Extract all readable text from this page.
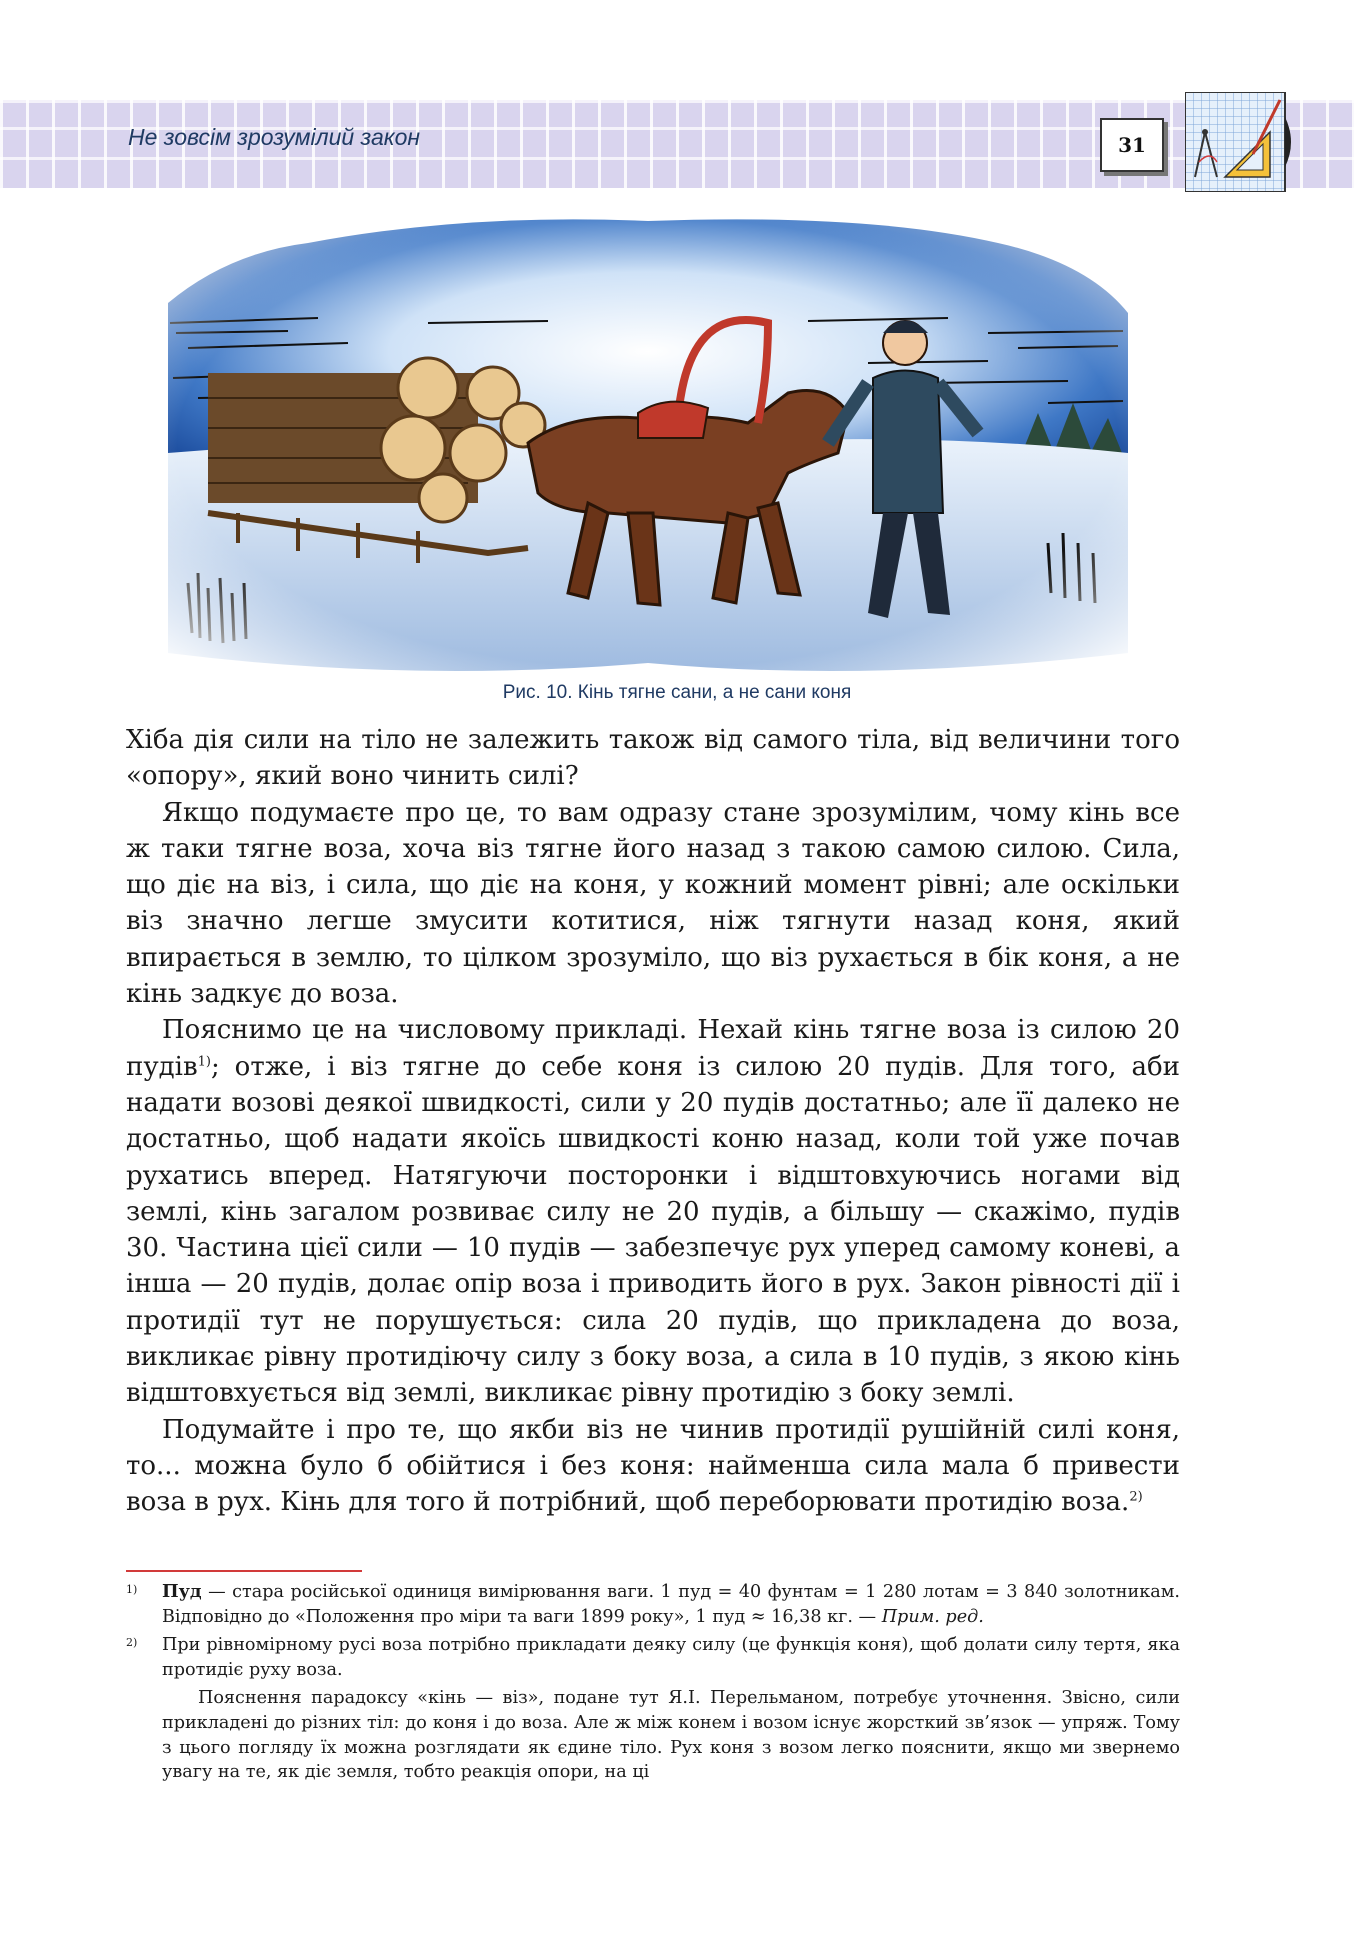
Не зовсім зрозумілий закон	31
Рис. 10. Кінь тягне сани, а не сани коня

Хіба дія сили на тіло не залежить також від самого тіла, від величини того «опору», який воно чинить силі?

Якщо подумаєте про це, то вам одразу стане зрозумілим, чому кінь все ж таки тягне воза, хоча віз тягне його назад з такою самою силою. Сила, що діє на віз, і сила, що діє на коня, у кожний момент рівні; але оскільки віз значно легше змусити котитися, ніж тягнути назад коня, який впирається в землю, то цілком зрозуміло, що віз рухається в бік коня, а не кінь задкує до воза.

Пояснимо це на числовому прикладі. Нехай кінь тягне воза із силою 20 пудів$^{1)}$; отже, і віз тягне до себе коня із силою 20 пудів. Для того, аби надати возові деякої швидкості, сили у 20 пудів достатньо; але її далеко не достатньо, щоб надати якоїсь швидкості коню назад, коли той уже почав рухатись вперед. Натягуючи посторонки і відштовхуючись ногами від землі, кінь загалом розвиває силу не 20 пудів, а більшу — скажімо, пудів 30. Частина цієї сили — 10 пудів — забезпечує рух уперед самому коневі, а інша — 20 пудів, долає опір воза і приводить його в рух. Закон рівності дії і протидії тут не порушується: сила 20 пудів, що прикладена до воза, викликає рівну протидіючу силу з боку воза, а сила в 10 пудів, з якою кінь відштовхується від землі, викликає рівну протидію з боку землі.

Подумайте і про те, що якби віз не чинив протидії рушійній силі коня, то... можна було б обійтися і без коня: найменша сила мала б привести воза в рух. Кінь для того й потрібний, щоб переборювати протидію воза.$^{2)}$

1) Пуд — стара російської одиниця вимірювання ваги. 1 пуд = 40 фунтам = 1 280 лотам = 3 840 золотникам. Відповідно до «Положення про міри та ваги 1899 року», 1 пуд ≈ 16,38 кг. — Прим. ред.
2) При рівномірному русі воза потрібно прикладати деяку силу (це функція коня), щоб долати силу тертя, яка протидіє руху воза.

Пояснення парадоксу «кінь — віз», подане тут Я.І. Перельманом, потребує уточнення. Звісно, сили прикладені до різних тіл: до коня і до воза. Але ж між конем і возом існує жорсткий зв’язок — упряж. Тому з цього погляду їх можна розглядати як єдине тіло. Рух коня з возом легко пояснити, якщо ми звернемо увагу на те, як діє земля, тобто реакція опори, на ці
